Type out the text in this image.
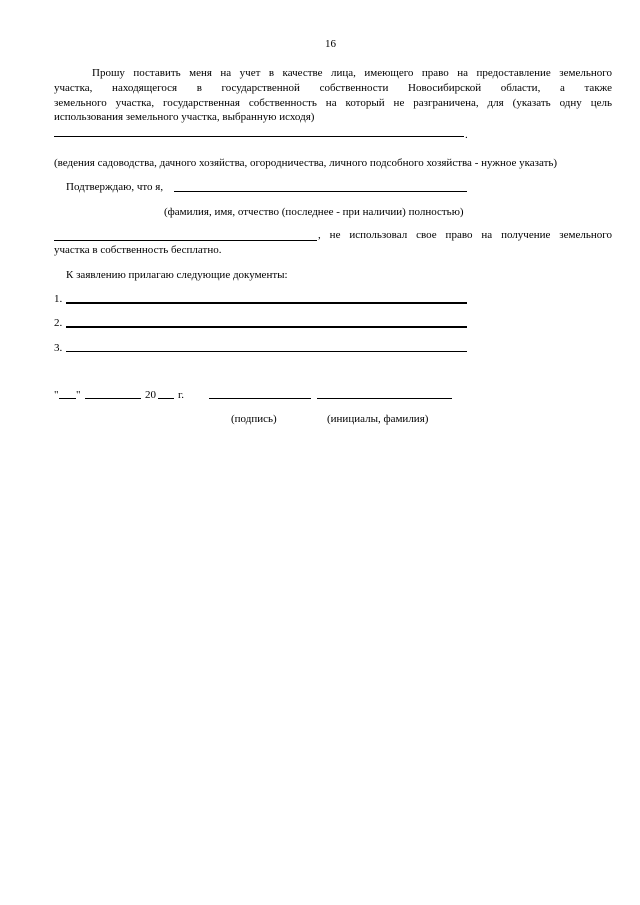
16
Прошу поставить меня на учет в качестве лица, имеющего право на предоставление земельного
участка, находящегося в государственной собственности Новосибирской области, а также
земельного участка, государственная собственность на который не разграничена, для (указать одну цель
использования земельного участка, выбранную исходя)
.
(ведения садоводства, дачного хозяйства, огородничества, личного подсобного хозяйства - нужное указать)
Подтверждаю, что я,
(фамилия, имя, отчество (последнее - при наличии) полностью)
, не использовал свое право на получение земельного
участка в собственность бесплатно.
К заявлению прилагаю следующие документы:
1.
2.
3.
" "	20 г.
(подпись)	(инициалы, фамилия)
